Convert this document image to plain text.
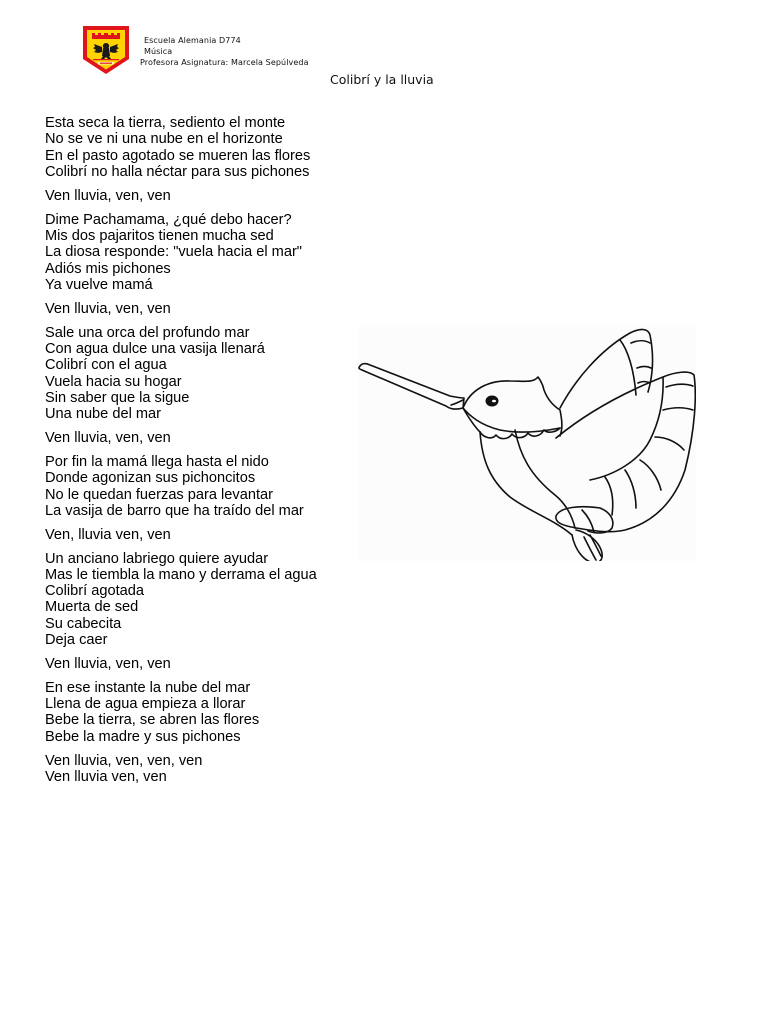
Escuela Alemania D774
Música
Profesora Asignatura: Marcela Sepúlveda
Colibrí y la lluvia
Esta seca la tierra, sediento el monte
No se ve ni una nube en el horizonte
En el pasto agotado se mueren las flores
Colibrí no halla néctar para sus pichones
Ven lluvia, ven, ven
Dime Pachamama, ¿qué debo hacer?
Mis dos pajaritos tienen mucha sed
La diosa responde: "vuela hacia el mar"
Adiós mis pichones
Ya vuelve mamá
Ven lluvia, ven, ven
Sale una orca del profundo mar
Con agua dulce una vasija llenará
Colibrí con el agua
Vuela hacia su hogar
Sin saber que la sigue
Una nube del mar
Ven lluvia, ven, ven
Por fin la mamá llega hasta el nido
Donde agonizan sus pichoncitos
No le quedan fuerzas para levantar
La vasija de barro que ha traído del mar
Ven, lluvia ven, ven
Un anciano labriego quiere ayudar
Mas le tiembla la mano y derrama el agua
Colibrí agotada
Muerta de sed
Su cabecita
Deja caer
Ven lluvia, ven, ven
En ese instante la nube del mar
Llena de agua empieza a llorar
Bebe la tierra, se abren las flores
Bebe la madre y sus pichones
Ven lluvia, ven, ven, ven
Ven lluvia ven, ven
